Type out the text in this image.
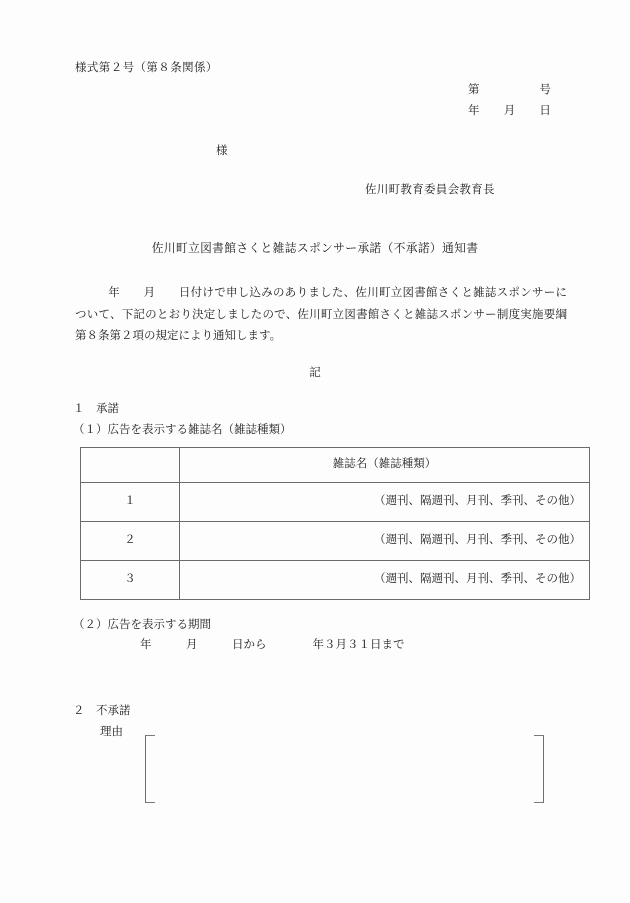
様式第２号（第８条関係）
第　　　　　号
年　　月　　日
様
佐川町教育委員会教育長
佐川町立図書館さくと雑誌スポンサー承諾（不承諾）通知書
年　　月　　日付けで申し込みのありました、佐川町立図書館さくと雑誌スポンサーについて、下記のとおり決定しましたので、佐川町立図書館さくと雑誌スポンサー制度実施要綱第８条第２項の規定により通知します。
記
１　承諾
（１）広告を表示する雑誌名（雑誌種類）
	雑誌名（雑誌種類）
１	（週刊、隔週刊、月刊、季刊、その他）
２	（週刊、隔週刊、月刊、季刊、その他）
３	（週刊、隔週刊、月刊、季刊、その他）
（２）広告を表示する期間
年　　　月　　　日から　　　　年３月３１日まで
２　不承諾
理由
